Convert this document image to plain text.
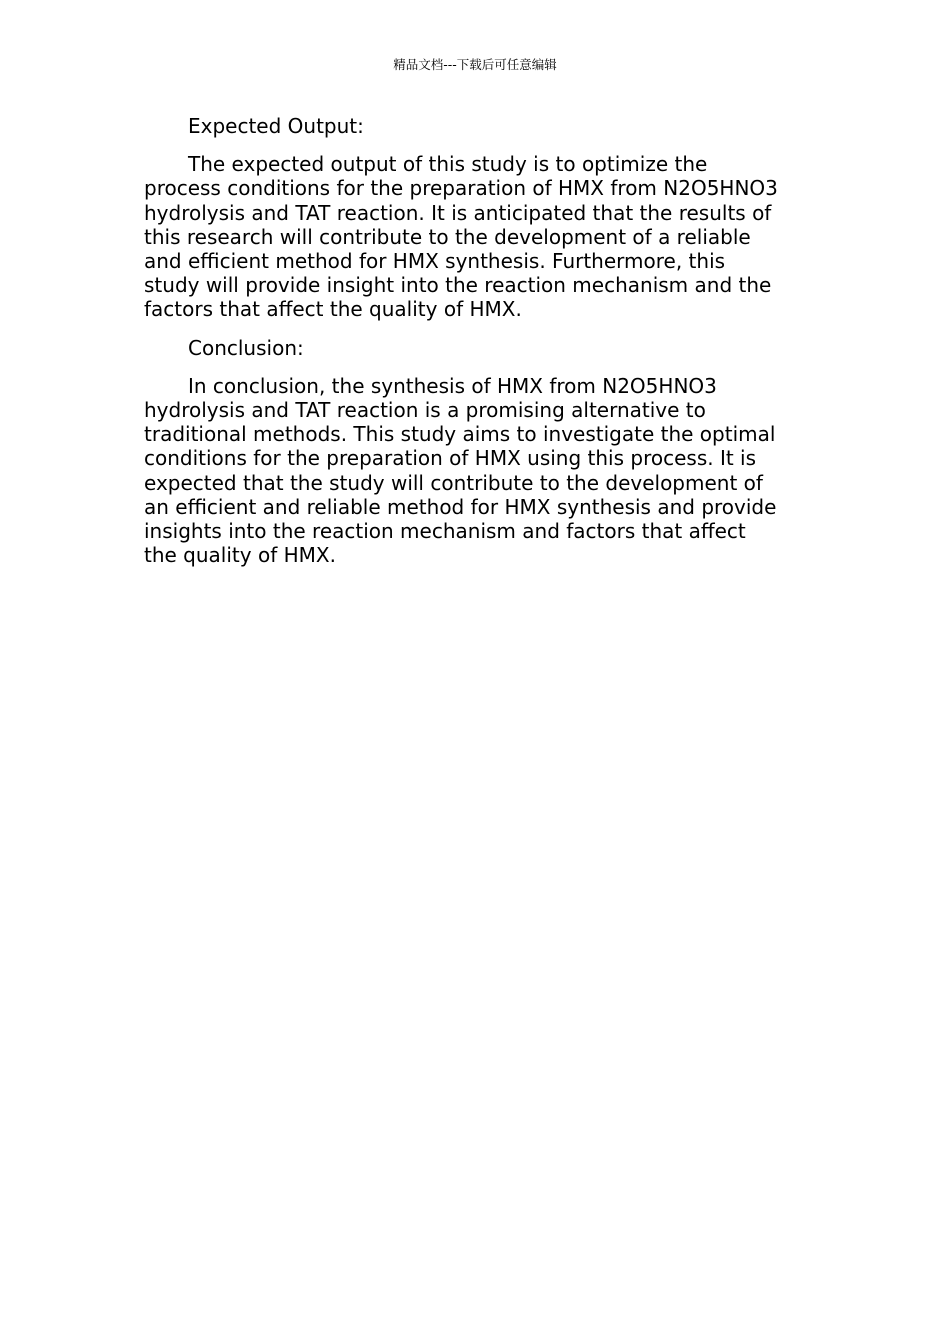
精品文档---下载后可任意编辑

Expected Output:

The expected output of this study is to optimize the
process conditions for the preparation of HMX from N2O5HNO3
hydrolysis and TAT reaction. It is anticipated that the results of
this research will contribute to the development of a reliable
and efficient method for HMX synthesis. Furthermore, this
study will provide insight into the reaction mechanism and the
factors that affect the quality of HMX.

Conclusion:

In conclusion, the synthesis of HMX from N2O5HNO3
hydrolysis and TAT reaction is a promising alternative to
traditional methods. This study aims to investigate the optimal
conditions for the preparation of HMX using this process. It is
expected that the study will contribute to the development of
an efficient and reliable method for HMX synthesis and provide
insights into the reaction mechanism and factors that affect
the quality of HMX.
